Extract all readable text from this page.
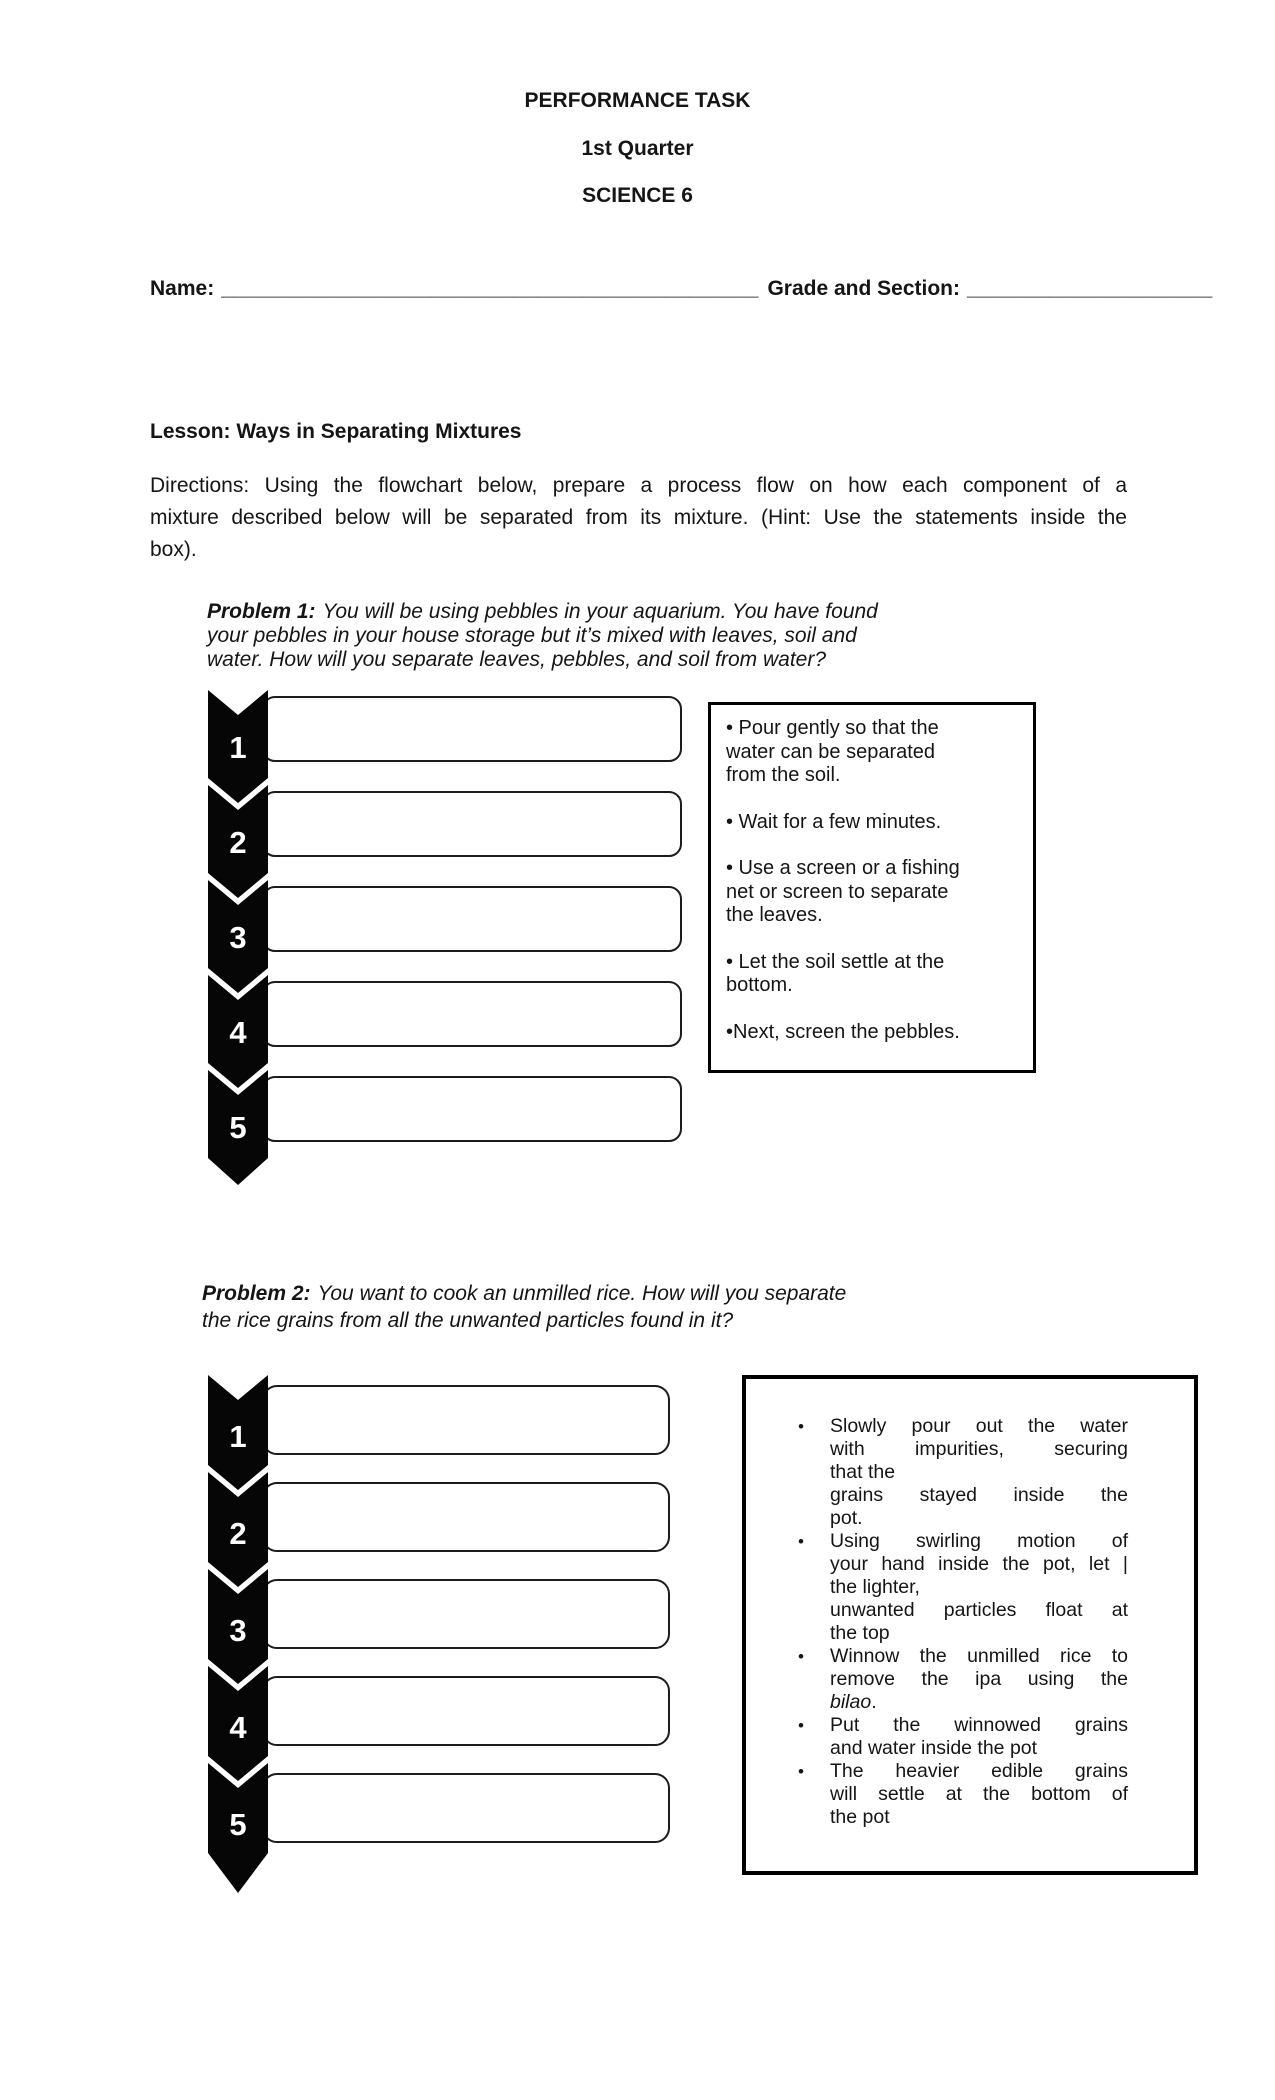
PERFORMANCE TASK
1st Quarter
SCIENCE 6
Name: ______________________________________________ Grade and Section: _____________________
Lesson: Ways in Separating Mixtures
Directions: Using the flowchart below, prepare a process flow on how each component of a
mixture described below will be separated from its mixture. (Hint: Use the statements inside the
box).

Problem 1: You will be using pebbles in your aquarium. You have found
your pebbles in your house storage but it’s mixed with leaves, soil and
water. How will you separate leaves, pebbles, and soil from water?

1
2
3
4
5

• Pour gently so that the
water can be separated
from the soil.

• Wait for a few minutes.

• Use a screen or a fishing
net or screen to separate
the leaves.

• Let the soil settle at the
bottom.

•Next, screen the pebbles.

Problem 2: You want to cook an unmilled rice. How will you separate
the rice grains from all the unwanted particles found in it?

1
2
3
4
5
•	Slowly pour out the water
with impurities, securing
that the
grains stayed inside the
pot.
•	Using swirling motion of
your hand inside the pot, let |
the lighter,
unwanted particles float at
the top
•	Winnow the unmilled rice to
remove the ipa using the
bilao.
•	Put the winnowed grains
and water inside the pot
•	The heavier edible grains
will settle at the bottom of
the pot
